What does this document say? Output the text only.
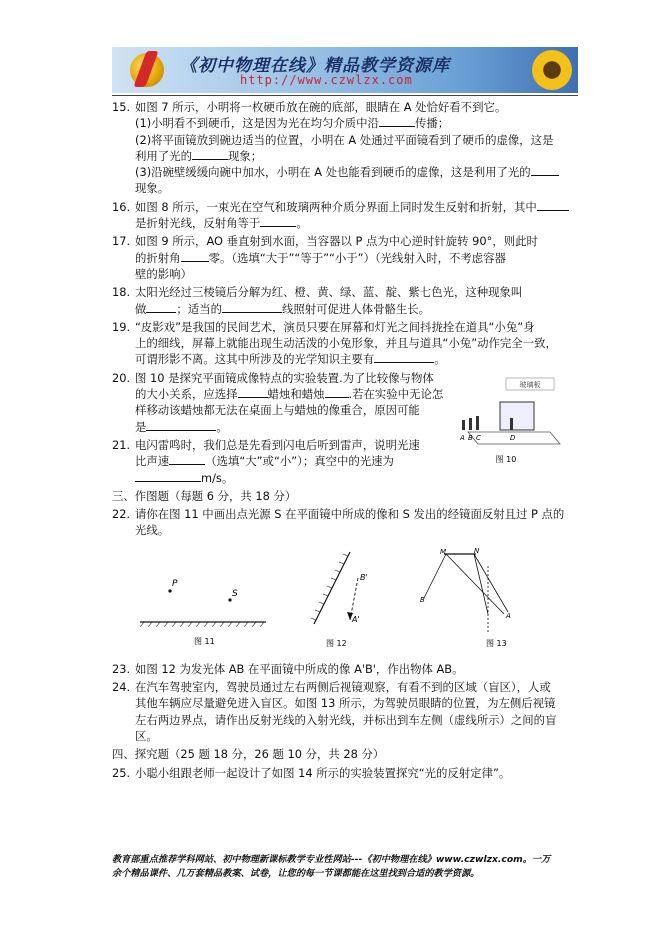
《初中物理在线》精品教学资源库
http://www.czwlzx.com
15. 如图 7 所示，小明将一枚硬币放在碗的底部，眼睛在 A 处恰好看不到它。
(1)小明看不到硬币，这是因为光在均匀介质中沿	传播；
(2)将平面镜放到碗边适当的位置，小明在 A 处通过平面镜看到了硬币的虚像，这是
利用了光的	现象；
(3)沿碗壁缓缓向碗中加水，小明在 A 处也能看到硬币的虚像，这是利用了光的
现象。
16. 如图 8 所示，一束光在空气和玻璃两种介质分界面上同时发生反射和折射，其中
是折射光线，反射角等于	。
17. 如图 9 所示，AO 垂直射到水面，当容器以 P 点为中心逆时针旋转 90°，则此时
的折射角 零。（选填“大于”“等于”“小于”）（光线射入时，不考虑容器
壁的影响）
18. 太阳光经过三棱镜后分解为红、橙、黄、绿、蓝、靛、紫七色光，这种现象叫
做	；适当的	线照射可促进人体骨骼生长。
19. “皮影戏”是我国的民间艺术，演员只要在屏幕和灯光之间抖拢拴在道具“小兔”身
上的细线，屏幕上就能出现生动活泼的小兔形象，并且与道具“小兔”动作完全一致，
可谓形影不离。这其中所涉及的光学知识主要有	。
20. 图 10 是探究平面镜成像特点的实验装置.为了比较像与物体
的大小关系，应选择	蜡烛和蜡烛 .若在实验中无论怎
样移动该蜡烛都无法在桌面上与蜡烛的像重合，原因可能
是	。
21. 电闪雷鸣时，我们总是先看到闪电后听到雷声，说明光速
比声速	（选填“大”或“小”）；真空中的光速为
m/s。
三、作图题（每题 6 分，共 18 分）
22. 请你在图 11 中画出点光源 S 在平面镜中所成的像和 S 发出的经镜面反射且过 P 点的
光线。
23. 如图 12 为发光体 AB 在平面镜中所成的像 A'B'，作出物体 AB。
24. 在汽车驾驶室内，驾驶员通过左右两侧后视镜观察，有看不到的区域（盲区），人或
其他车辆应尽量避免进入盲区。如图 13 所示，为驾驶员眼睛的位置，为左侧后视镜
左右两边界点，请作出反射光线的入射光线，并标出到车左侧（虚线所示）之间的盲
区。
四、探究题（25 题 18 分，26 题 10 分，共 28 分）
25. 小聪小组跟老师一起设计了如图 14 所示的实验装置探究“光的反射定律”。
玻璃板
A B C	D
图 10
P
S
图 11
B'
A'
图 12
M	N
B
A
图 13
教育部重点推荐学科网站、初中物理新课标教学专业性网站---《初中物理在线》www.czwlzx.com。一万
余个精品课件、几万套精品教案、试卷，让您的每一节课都能在这里找到合适的教学资源。
